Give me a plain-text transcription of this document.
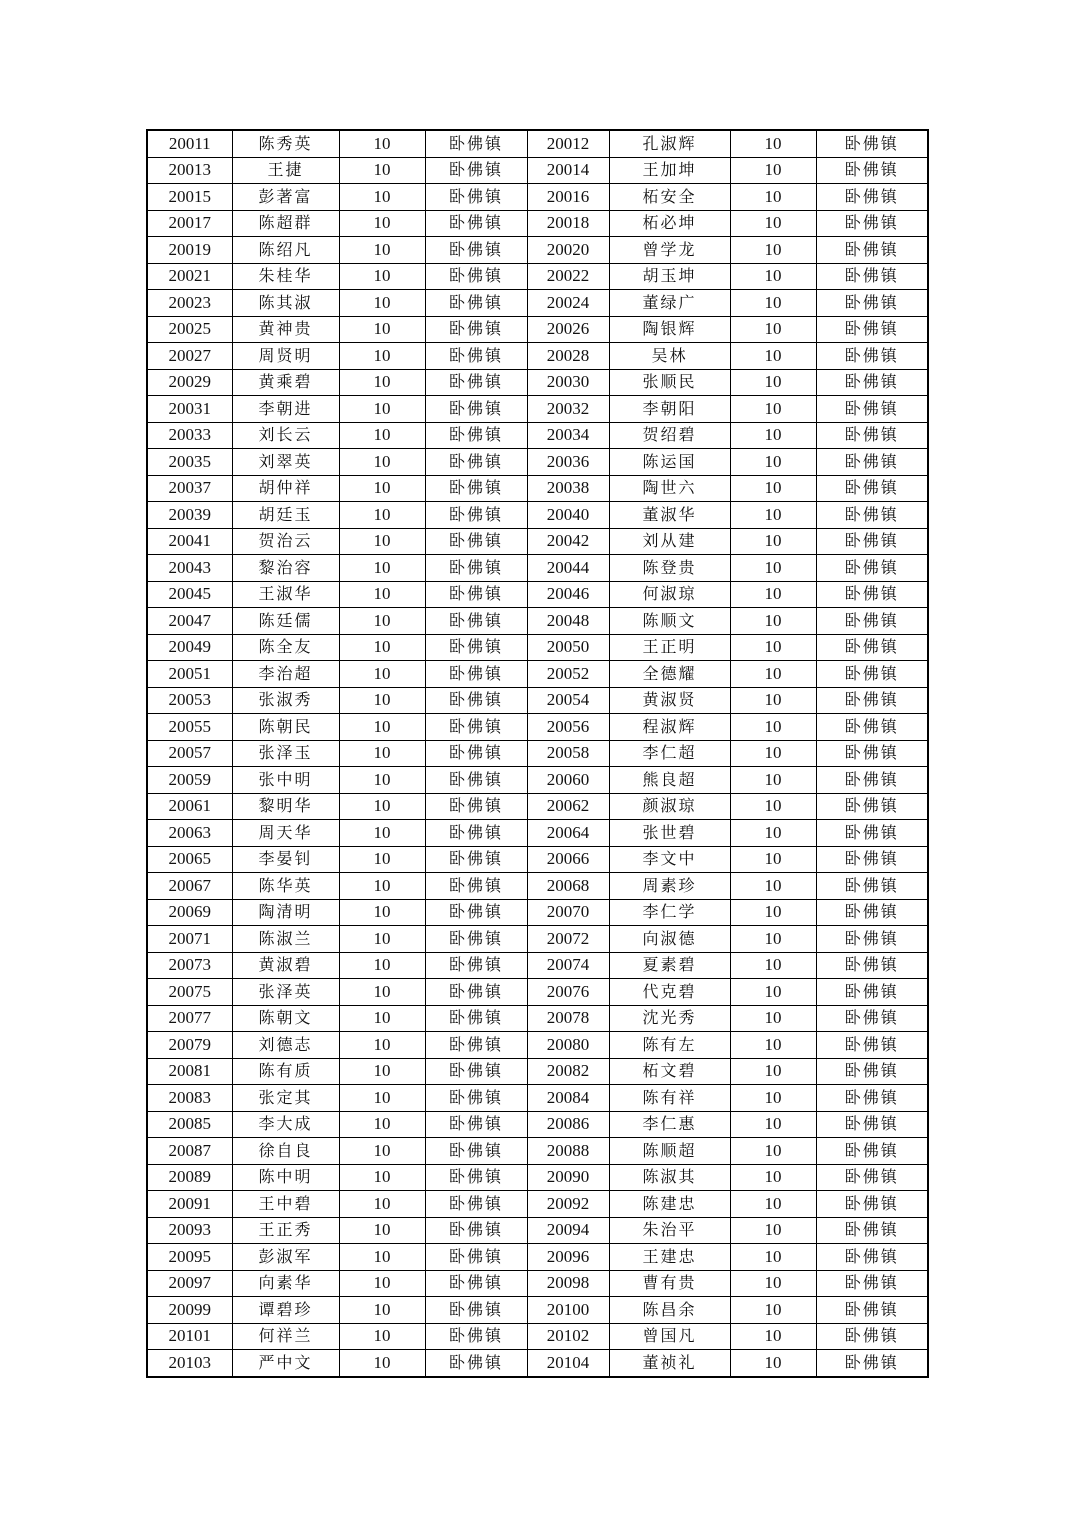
20011	陈秀英	10	卧佛镇	20012	孔淑辉	10	卧佛镇
20013	王捷	10	卧佛镇	20014	王加坤	10	卧佛镇
20015	彭著富	10	卧佛镇	20016	柘安全	10	卧佛镇
20017	陈超群	10	卧佛镇	20018	柘必坤	10	卧佛镇
20019	陈绍凡	10	卧佛镇	20020	曾学龙	10	卧佛镇
20021	朱桂华	10	卧佛镇	20022	胡玉坤	10	卧佛镇
20023	陈其淑	10	卧佛镇	20024	董绿广	10	卧佛镇
20025	黄神贵	10	卧佛镇	20026	陶银辉	10	卧佛镇
20027	周贤明	10	卧佛镇	20028	吴林	10	卧佛镇
20029	黄乘碧	10	卧佛镇	20030	张顺民	10	卧佛镇
20031	李朝进	10	卧佛镇	20032	李朝阳	10	卧佛镇
20033	刘长云	10	卧佛镇	20034	贺绍碧	10	卧佛镇
20035	刘翠英	10	卧佛镇	20036	陈运国	10	卧佛镇
20037	胡仲祥	10	卧佛镇	20038	陶世六	10	卧佛镇
20039	胡廷玉	10	卧佛镇	20040	董淑华	10	卧佛镇
20041	贺治云	10	卧佛镇	20042	刘从建	10	卧佛镇
20043	黎治容	10	卧佛镇	20044	陈登贵	10	卧佛镇
20045	王淑华	10	卧佛镇	20046	何淑琼	10	卧佛镇
20047	陈廷儒	10	卧佛镇	20048	陈顺文	10	卧佛镇
20049	陈全友	10	卧佛镇	20050	王正明	10	卧佛镇
20051	李治超	10	卧佛镇	20052	全德耀	10	卧佛镇
20053	张淑秀	10	卧佛镇	20054	黄淑贤	10	卧佛镇
20055	陈朝民	10	卧佛镇	20056	程淑辉	10	卧佛镇
20057	张泽玉	10	卧佛镇	20058	李仁超	10	卧佛镇
20059	张中明	10	卧佛镇	20060	熊良超	10	卧佛镇
20061	黎明华	10	卧佛镇	20062	颜淑琼	10	卧佛镇
20063	周天华	10	卧佛镇	20064	张世碧	10	卧佛镇
20065	李晏钊	10	卧佛镇	20066	李文中	10	卧佛镇
20067	陈华英	10	卧佛镇	20068	周素珍	10	卧佛镇
20069	陶清明	10	卧佛镇	20070	李仁学	10	卧佛镇
20071	陈淑兰	10	卧佛镇	20072	向淑德	10	卧佛镇
20073	黄淑碧	10	卧佛镇	20074	夏素碧	10	卧佛镇
20075	张泽英	10	卧佛镇	20076	代克碧	10	卧佛镇
20077	陈朝文	10	卧佛镇	20078	沈光秀	10	卧佛镇
20079	刘德志	10	卧佛镇	20080	陈有左	10	卧佛镇
20081	陈有质	10	卧佛镇	20082	柘文碧	10	卧佛镇
20083	张定其	10	卧佛镇	20084	陈有祥	10	卧佛镇
20085	李大成	10	卧佛镇	20086	李仁惠	10	卧佛镇
20087	徐自良	10	卧佛镇	20088	陈顺超	10	卧佛镇
20089	陈中明	10	卧佛镇	20090	陈淑其	10	卧佛镇
20091	王中碧	10	卧佛镇	20092	陈建忠	10	卧佛镇
20093	王正秀	10	卧佛镇	20094	朱治平	10	卧佛镇
20095	彭淑军	10	卧佛镇	20096	王建忠	10	卧佛镇
20097	向素华	10	卧佛镇	20098	曹有贵	10	卧佛镇
20099	谭碧珍	10	卧佛镇	20100	陈昌余	10	卧佛镇
20101	何祥兰	10	卧佛镇	20102	曾国凡	10	卧佛镇
20103	严中文	10	卧佛镇	20104	董祯礼	10	卧佛镇
